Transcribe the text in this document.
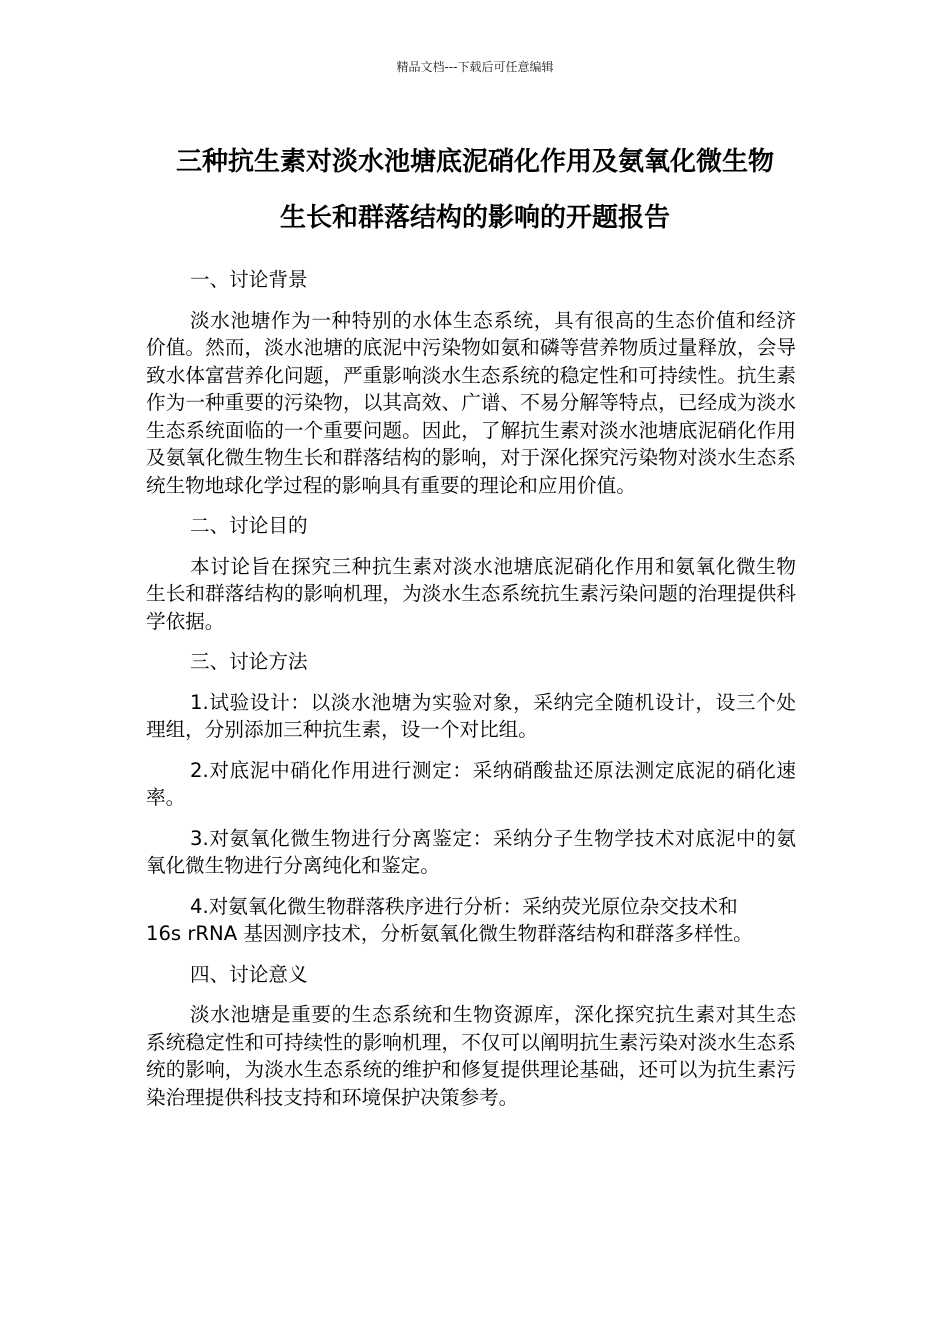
精品文档---下载后可任意编辑
三种抗生素对淡水池塘底泥硝化作用及氨氧化微生物
生长和群落结构的影响的开题报告

一、讨论背景

淡水池塘作为一种特别的水体生态系统，具有很高的生态价值和经济价值。然而，淡水池塘的底泥中污染物如氨和磷等营养物质过量释放，会导致水体富营养化问题，严重影响淡水生态系统的稳定性和可持续性。抗生素作为一种重要的污染物，以其高效、广谱、不易分解等特点，已经成为淡水生态系统面临的一个重要问题。因此，了解抗生素对淡水池塘底泥硝化作用及氨氧化微生物生长和群落结构的影响，对于深化探究污染物对淡水生态系统生物地球化学过程的影响具有重要的理论和应用价值。

二、讨论目的

本讨论旨在探究三种抗生素对淡水池塘底泥硝化作用和氨氧化微生物生长和群落结构的影响机理，为淡水生态系统抗生素污染问题的治理提供科学依据。

三、讨论方法

1.试验设计：以淡水池塘为实验对象，采纳完全随机设计，设三个处理组，分别添加三种抗生素，设一个对比组。

2.对底泥中硝化作用进行测定：采纳硝酸盐还原法测定底泥的硝化速率。

3.对氨氧化微生物进行分离鉴定：采纳分子生物学技术对底泥中的氨氧化微生物进行分离纯化和鉴定。

4.对氨氧化微生物群落秩序进行分析：采纳荧光原位杂交技术和
16s rRNA 基因测序技术，分析氨氧化微生物群落结构和群落多样性。

四、讨论意义

淡水池塘是重要的生态系统和生物资源库，深化探究抗生素对其生态系统稳定性和可持续性的影响机理，不仅可以阐明抗生素污染对淡水生态系统的影响，为淡水生态系统的维护和修复提供理论基础，还可以为抗生素污染治理提供科技支持和环境保护决策参考。
